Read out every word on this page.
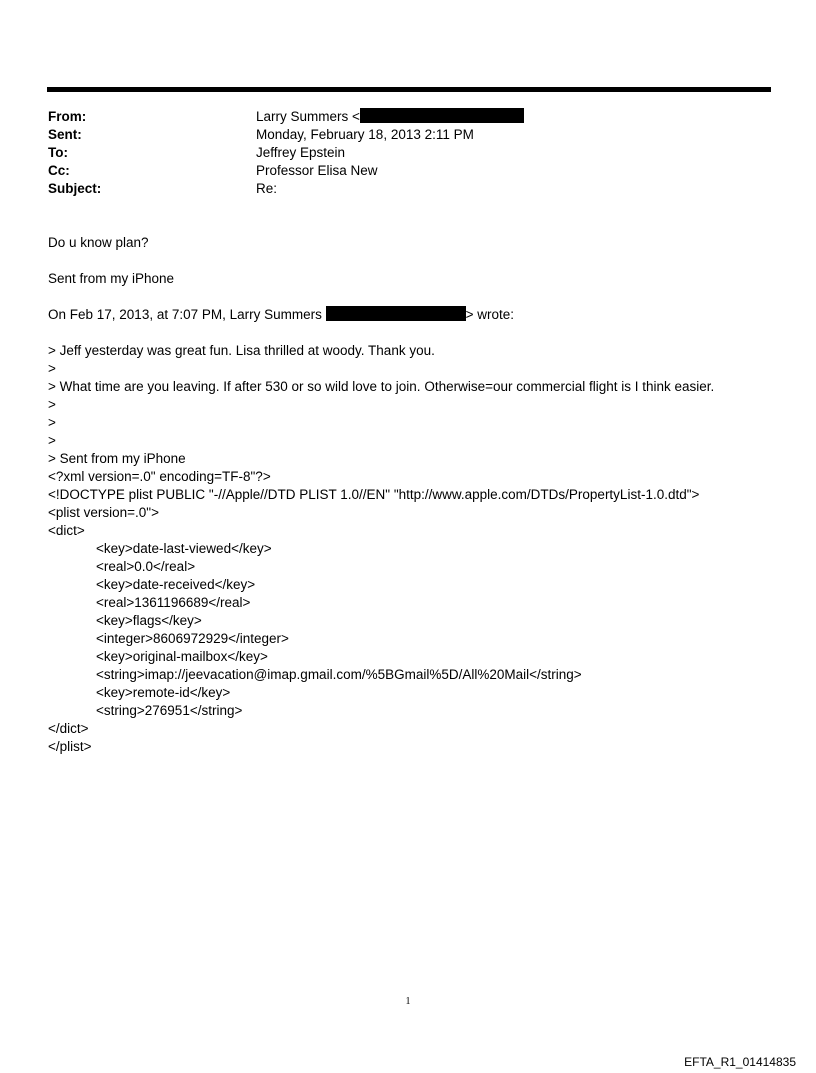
From:	Larry Summers <
Sent:	Monday, February 18, 2013 2:11 PM
To:	Jeffrey Epstein
Cc:	Professor Elisa New
Subject:	Re:
Do u know plan?
Sent from my iPhone
On Feb 17, 2013, at 7:07 PM, Larry Summers	> wrote:
> Jeff yesterday was great fun. Lisa thrilled at woody. Thank you.
>
> What time are you leaving. If after 530 or so wild love to join. Otherwise=our commercial flight is I think easier.
>
>
>
> Sent from my iPhone
<?xml version=.0" encoding=TF-8"?>
<!DOCTYPE plist PUBLIC "-//Apple//DTD PLIST 1.0//EN" "http://www.apple.com/DTDs/PropertyList-1.0.dtd">
<plist version=.0">
<dict>
<key>date-last-viewed</key>
<real>0.0</real>
<key>date-received</key>
<real>1361196689</real>
<key>flags</key>
<integer>8606972929</integer>
<key>original-mailbox</key>
<string>imap://jeevacation@imap.gmail.com/%5BGmail%5D/All%20Mail</string>
<key>remote-id</key>
<string>276951</string>
</dict>
</plist>
1
EFTA_R1_01414835
